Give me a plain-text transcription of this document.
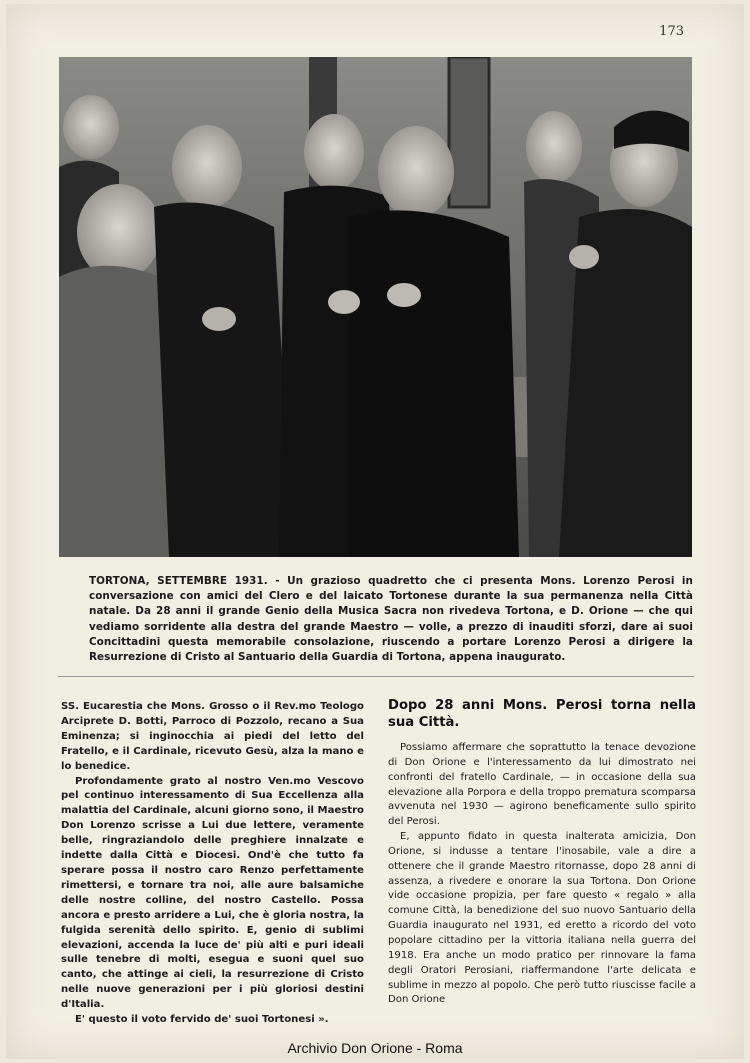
173
TORTONA, SETTEMBRE 1931. - Un grazioso quadretto che ci presenta Mons. Lorenzo Perosi in conversazione con amici del Clero e del laicato Tortonese durante la sua permanenza nella Città natale. Da 28 anni il grande Genio della Musica Sacra non rivedeva Tortona, e D. Orione — che qui vediamo sorridente alla destra del grande Maestro — volle, a prezzo di inauditi sforzi, dare ai suoi Concittadini questa memorabile consolazione, riuscendo a portare Lorenzo Perosi a dirigere la Resurrezione di Cristo al Santuario della Guardia di Tortona, appena inaugurato.

SS. Eucarestia che Mons. Grosso o il Rev.mo Teologo Arciprete D. Botti, Parroco di Pozzolo, recano a Sua Eminenza; si inginocchia ai piedi del letto del Fratello, e il Cardinale, ricevuto Gesù, alza la mano e lo benedice.

Profondamente grato al nostro Ven.mo Vescovo pel continuo interessamento di Sua Eccellenza alla malattia del Cardinale, alcuni giorno sono, il Maestro Don Lorenzo scrisse a Lui due lettere, veramente belle, ringraziandolo delle preghiere innalzate e indette dalla Città e Diocesi. Ond'è che tutto fa sperare possa il nostro caro Renzo perfettamente rimettersi, e tornare tra noi, alle aure balsamiche delle nostre colline, del nostro Castello. Possa ancora e presto arridere a Lui, che è gloria nostra, la fulgida serenità dello spirito. E, genio di sublimi elevazioni, accenda la luce de' più alti e puri ideali sulle tenebre di molti, esegua e suoni quel suo canto, che attinge ai cieli, la resurrezione di Cristo nelle nuove generazioni per i più gloriosi destini d'Italia.

E' questo il voto fervido de' suoi Tortonesi ».

Dopo 28 anni Mons. Perosi torna nella sua Città.

Possiamo affermare che soprattutto la tenace devozione di Don Orione e l'interessamento da lui dimostrato nei confronti del fratello Cardinale, — in occasione della sua elevazione alla Porpora e della troppo prematura scomparsa avvenuta nel 1930 — agirono beneficamente sullo spirito del Perosi.

E, appunto fidato in questa inalterata amicizia, Don Orione, si indusse a tentare l'inosabile, vale a dire a ottenere che il grande Maestro ritornasse, dopo 28 anni di assenza, a rivedere e onorare la sua Tortona. Don Orione vide occasione propizia, per fare questo « regalo » alla comune Città, la benedizione del suo nuovo Santuario della Guardia inaugurato nel 1931, ed eretto a ricordo del voto popolare cittadino per la vittoria italiana nella guerra del 1918. Era anche un modo pratico per rinnovare la fama degli Oratori Perosiani, riaffermandone l'arte delicata e sublime in mezzo al popolo. Che però tutto riuscisse facile a Don Orione

Archivio Don Orione - Roma
